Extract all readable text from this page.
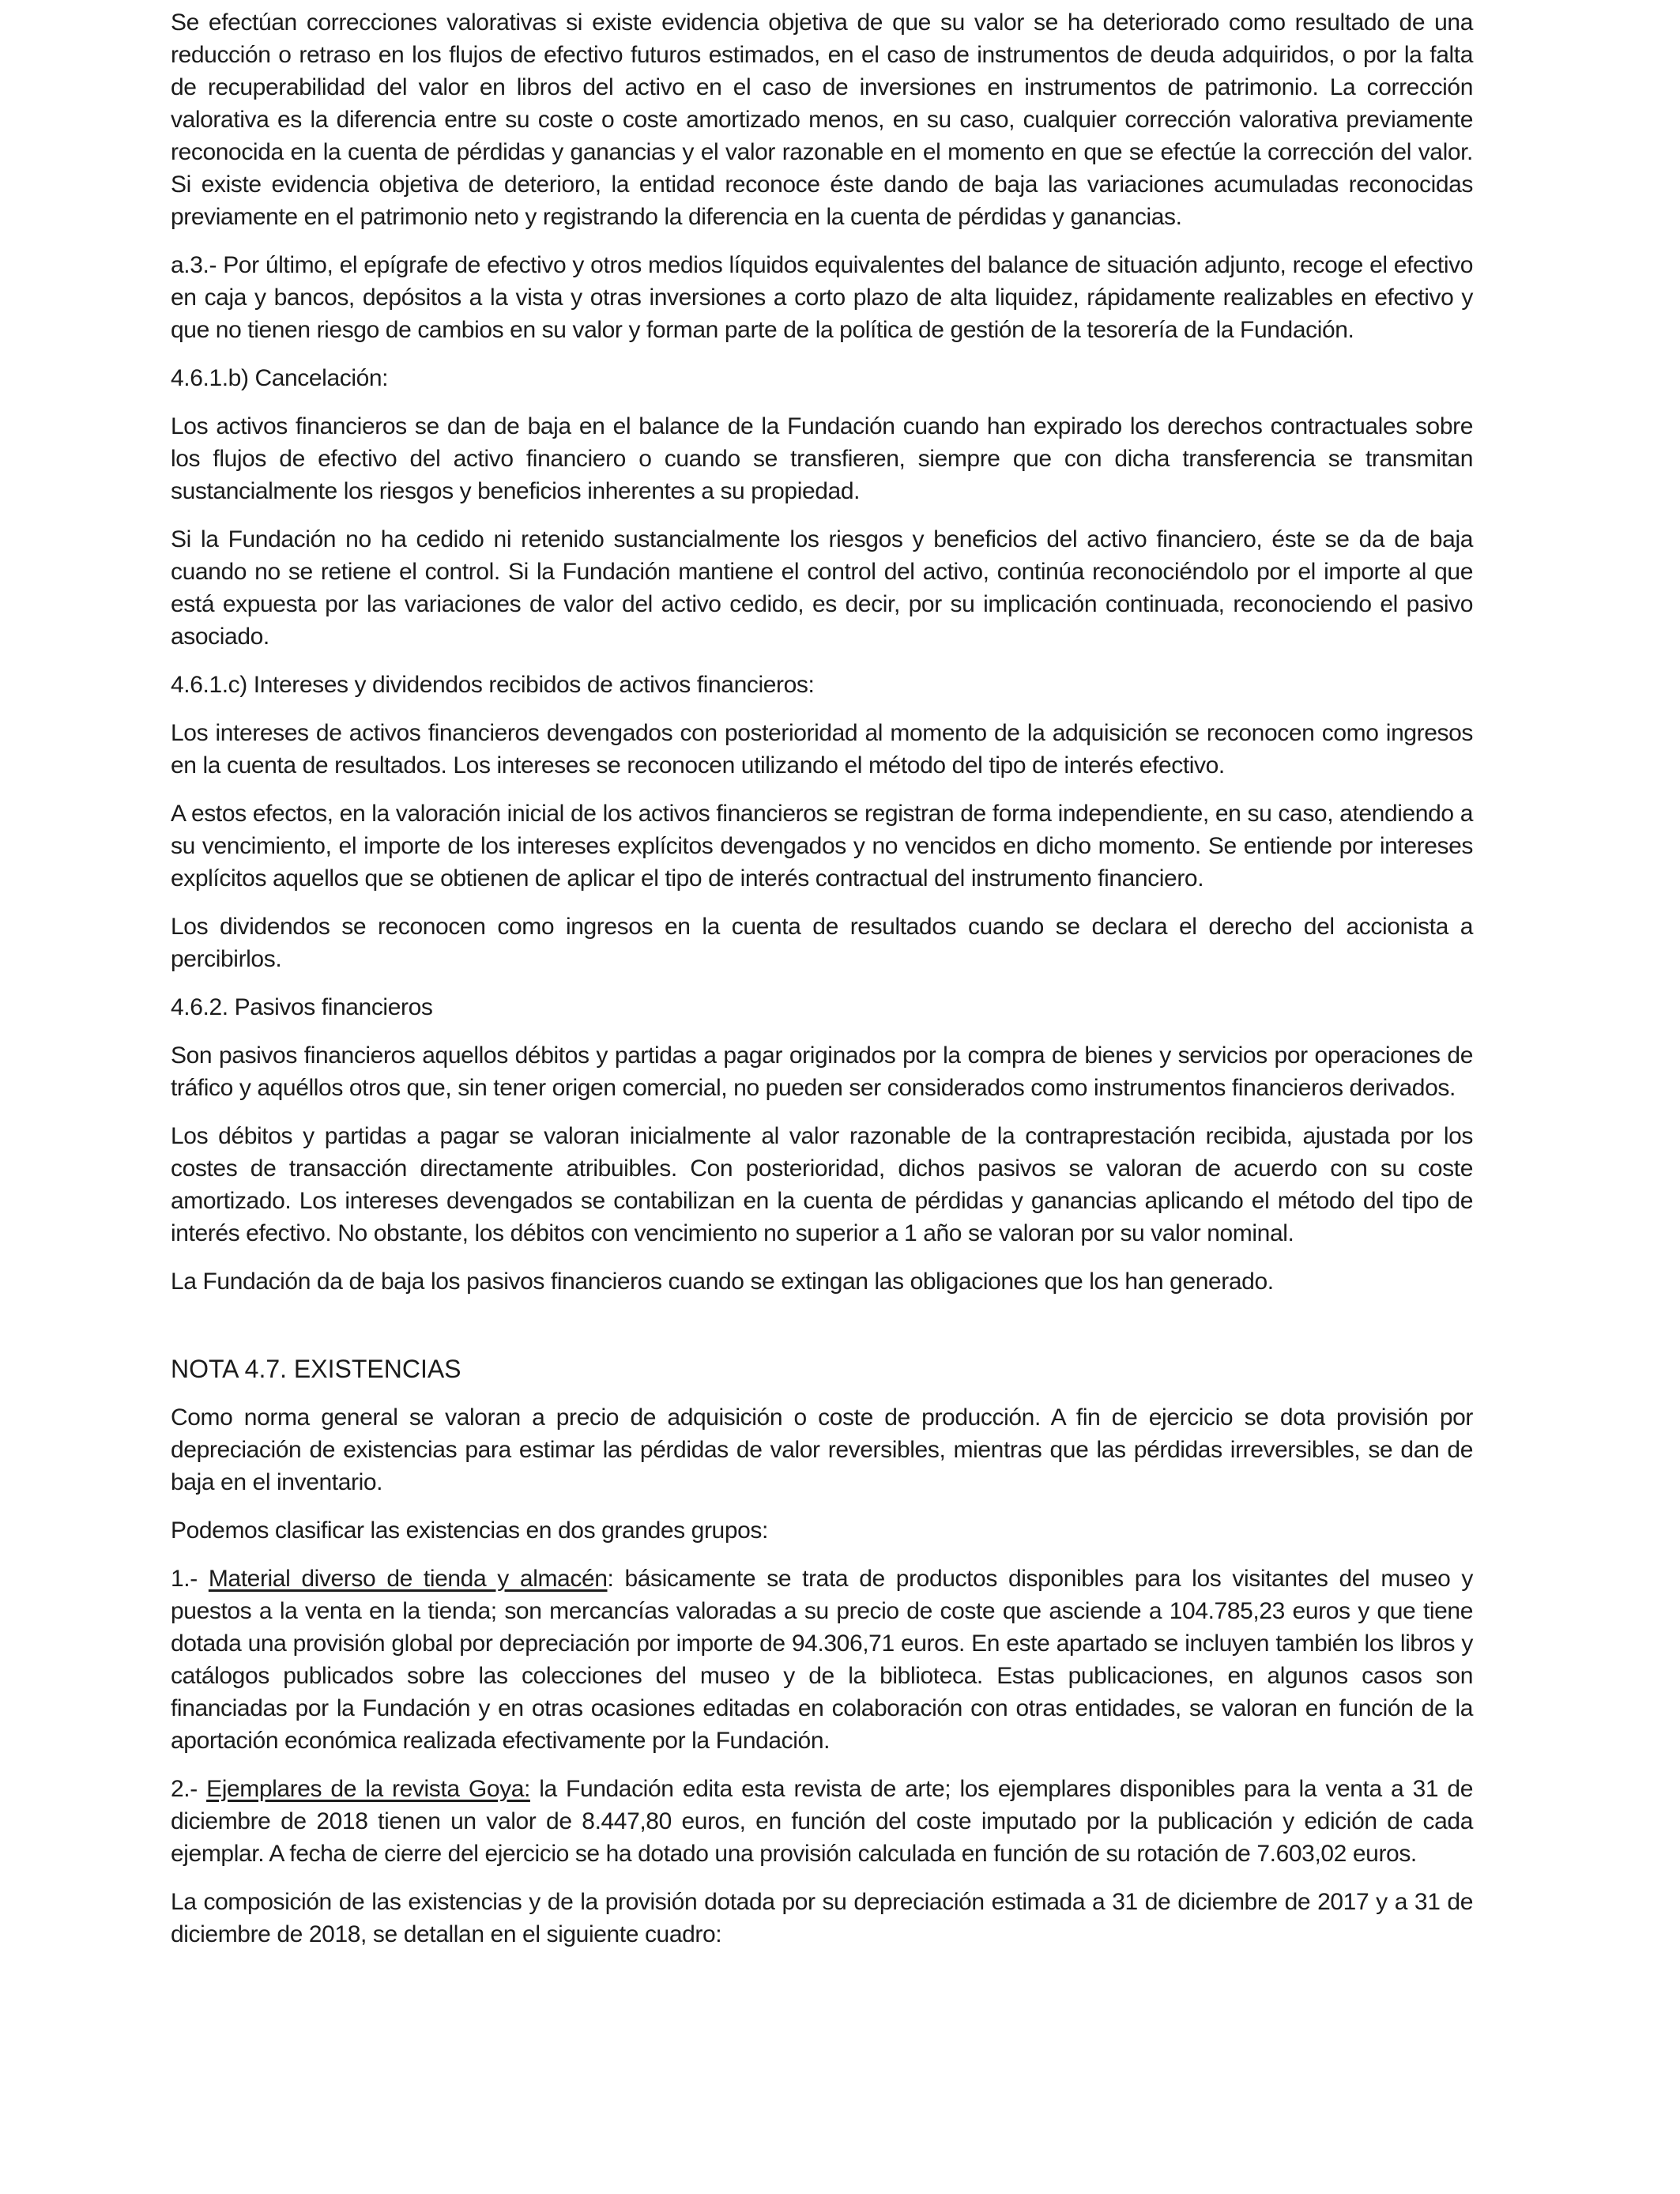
Se efectúan correcciones valorativas si existe evidencia objetiva de que su valor se ha deteriorado como resultado de una reducción o retraso en los flujos de efectivo futuros estimados, en el caso de instrumentos de deuda adquiridos, o por la falta de recuperabilidad del valor en libros del activo en el caso de inversiones en instrumentos de patrimonio. La corrección valorativa es la diferencia entre su coste o coste amortizado menos, en su caso, cualquier corrección valorativa previamente reconocida en la cuenta de pérdidas y ganancias y el valor razonable en el momento en que se efectúe la corrección del valor. Si existe evidencia objetiva de deterioro, la entidad reconoce éste dando de baja las variaciones acumuladas reconocidas previamente en el patrimonio neto y registrando la diferencia en la cuenta de pérdidas y ganancias.

a.3.- Por último, el epígrafe de efectivo y otros medios líquidos equivalentes del balance de situación adjunto, recoge el efectivo en caja y bancos, depósitos a la vista y otras inversiones a corto plazo de alta liquidez, rápidamente realizables en efectivo y que no tienen riesgo de cambios en su valor y forman parte de la política de gestión de la tesorería de la Fundación.

4.6.1.b) Cancelación:

Los activos financieros se dan de baja en el balance de la Fundación cuando han expirado los derechos contractuales sobre los flujos de efectivo del activo financiero o cuando se transfieren, siempre que con dicha transferencia se transmitan sustancialmente los riesgos y beneficios inherentes a su propiedad.

Si la Fundación no ha cedido ni retenido sustancialmente los riesgos y beneficios del activo financiero, éste se da de baja cuando no se retiene el control. Si la Fundación mantiene el control del activo, continúa reconociéndolo por el importe al que está expuesta por las variaciones de valor del activo cedido, es decir, por su implicación continuada, reconociendo el pasivo asociado.

4.6.1.c) Intereses y dividendos recibidos de activos financieros:

Los intereses de activos financieros devengados con posterioridad al momento de la adquisición se reconocen como ingresos en la cuenta de resultados. Los intereses se reconocen utilizando el método del tipo de interés efectivo.

A estos efectos, en la valoración inicial de los activos financieros se registran de forma independiente, en su caso, atendiendo a su vencimiento, el importe de los intereses explícitos devengados y no vencidos en dicho momento. Se entiende por intereses explícitos aquellos que se obtienen de aplicar el tipo de interés contractual del instrumento financiero.

Los dividendos se reconocen como ingresos en la cuenta de resultados cuando se declara el derecho del accionista a percibirlos.

4.6.2. Pasivos financieros

Son pasivos financieros aquellos débitos y partidas a pagar originados por la compra de bienes y servicios por operaciones de tráfico y aquéllos otros que, sin tener origen comercial, no pueden ser considerados como instrumentos financieros derivados.

Los débitos y partidas a pagar se valoran inicialmente al valor razonable de la contraprestación recibida, ajustada por los costes de transacción directamente atribuibles. Con posterioridad, dichos pasivos se valoran de acuerdo con su coste amortizado. Los intereses devengados se contabilizan en la cuenta de pérdidas y ganancias aplicando el método del tipo de interés efectivo. No obstante, los débitos con vencimiento no superior a 1 año se valoran por su valor nominal.

La Fundación da de baja los pasivos financieros cuando se extingan las obligaciones que los han generado.

NOTA 4.7. EXISTENCIAS

Como norma general se valoran a precio de adquisición o coste de producción. A fin de ejercicio se dota provisión por depreciación de existencias para estimar las pérdidas de valor reversibles, mientras que las pérdidas irreversibles, se dan de baja en el inventario.

Podemos clasificar las existencias en dos grandes grupos:

1.- Material diverso de tienda y almacén: básicamente se trata de productos disponibles para los visitantes del museo y puestos a la venta en la tienda; son mercancías valoradas a su precio de coste que asciende a 104.785,23 euros y que tiene dotada una provisión global por depreciación por importe de 94.306,71 euros. En este apartado se incluyen también los libros y catálogos publicados sobre las colecciones del museo y de la biblioteca. Estas publicaciones, en algunos casos son financiadas por la Fundación y en otras ocasiones editadas en colaboración con otras entidades, se valoran en función de la aportación económica realizada efectivamente por la Fundación.

2.- Ejemplares de la revista Goya: la Fundación edita esta revista de arte; los ejemplares disponibles para la venta a 31 de diciembre de 2018 tienen un valor de 8.447,80 euros, en función del coste imputado por la publicación y edición de cada ejemplar. A fecha de cierre del ejercicio se ha dotado una provisión calculada en función de su rotación de 7.603,02 euros.

La composición de las existencias y de la provisión dotada por su depreciación estimada a 31 de diciembre de 2017 y a 31 de diciembre de 2018, se detallan en el siguiente cuadro:
